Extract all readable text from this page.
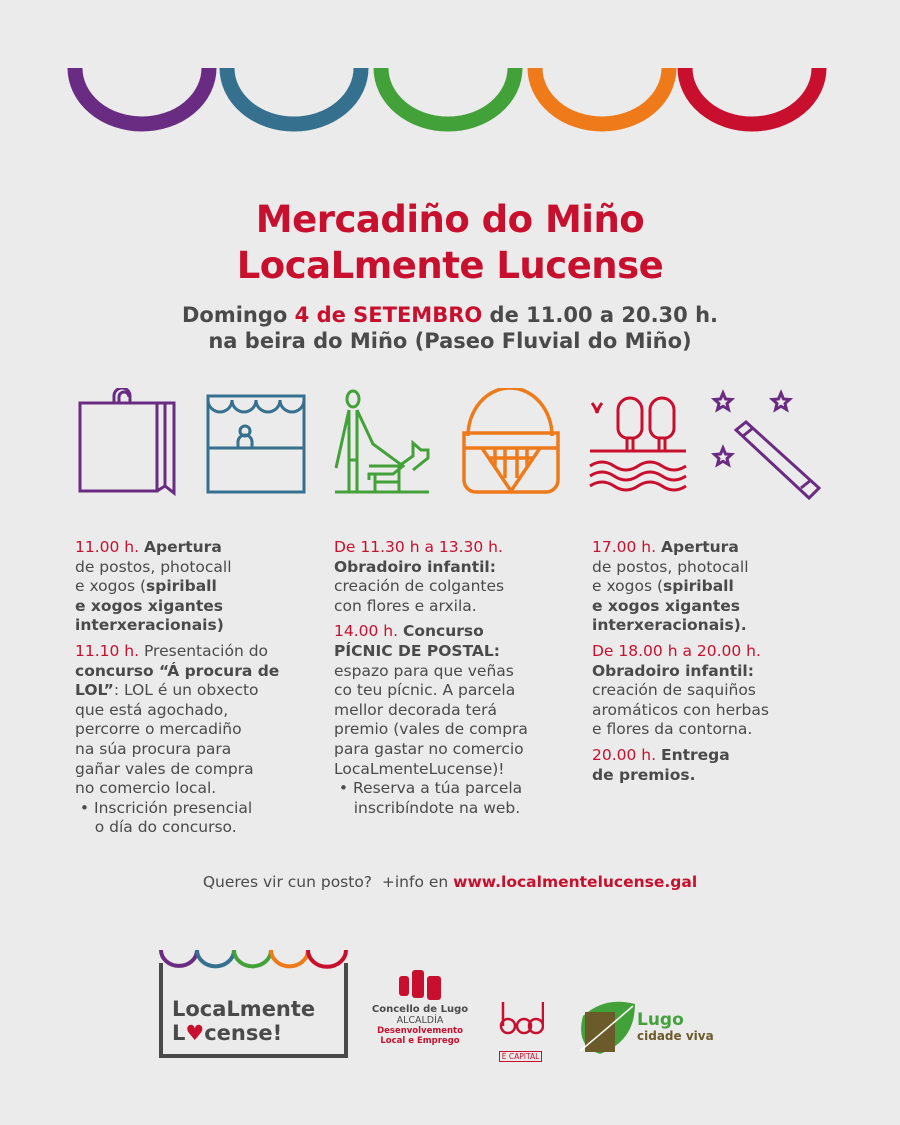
Mercadiño do Miño
LocaLmente Lucense
Domingo 4 de SETEMBRO de 11.00 a 20.30 h.
na beira do Miño (Paseo Fluvial do Miño)
11.00 h. Apertura
de postos, photocall
e xogos (spiriball
e xogos xigantes
interxeracionais)
11.10 h. Presentación do
concurso “Á procura de
LOL”: LOL é un obxecto
que está agochado,
percorre o mercadiño
na súa procura para
gañar vales de compra
no comercio local.
• Inscrición presencial
o día do concurso.
De 11.30 h a 13.30 h.
Obradoiro infantil:
creación de colgantes
con flores e arxila.
14.00 h. Concurso
PÍCNIC DE POSTAL:
espazo para que veñas
co teu pícnic. A parcela
mellor decorada terá
premio (vales de compra
para gastar no comercio
LocaLmenteLucense)!
• Reserva a túa parcela
inscribíndote na web.
17.00 h. Apertura
de postos, photocall
e xogos (spiriball
e xogos xigantes
interxeracionais).
De 18.00 h a 20.00 h.
Obradoiro infantil:
creación de saquiños
aromáticos con herbas
e flores da contorna.
20.00 h. Entrega
de premios.
Queres vir cun posto?  +info en www.localmentelucense.gal
LocaLmente
L♥cense!
Concello de Lugo
ALCALDÍA
Desenvolvemento
Local e Emprego
É CAPITAL
Lugo
cidade viva
